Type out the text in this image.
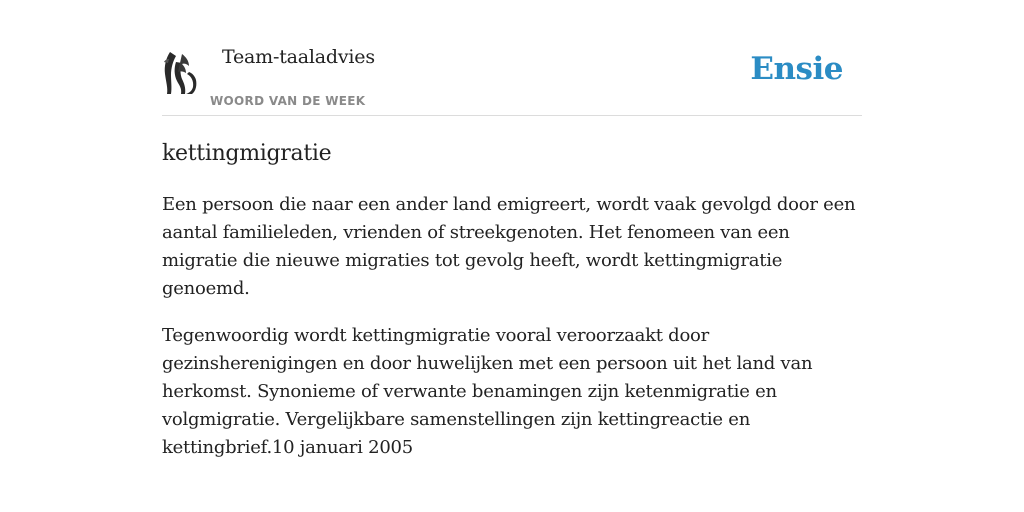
Team-taaladvies
WOORD VAN DE WEEK
Ensie
kettingmigratie

Een persoon die naar een ander land emigreert, wordt vaak gevolgd door een aantal familieleden, vrienden of streekgenoten. Het fenomeen van een migratie die nieuwe migraties tot gevolg heeft, wordt kettingmigratie genoemd.

Tegenwoordig wordt kettingmigratie vooral veroorzaakt door gezinsherenigingen en door huwelijken met een persoon uit het land van herkomst. Synonieme of verwante benamingen zijn ketenmigratie en volgmigratie. Vergelijkbare samenstellingen zijn kettingreactie en kettingbrief.10 januari 2005
